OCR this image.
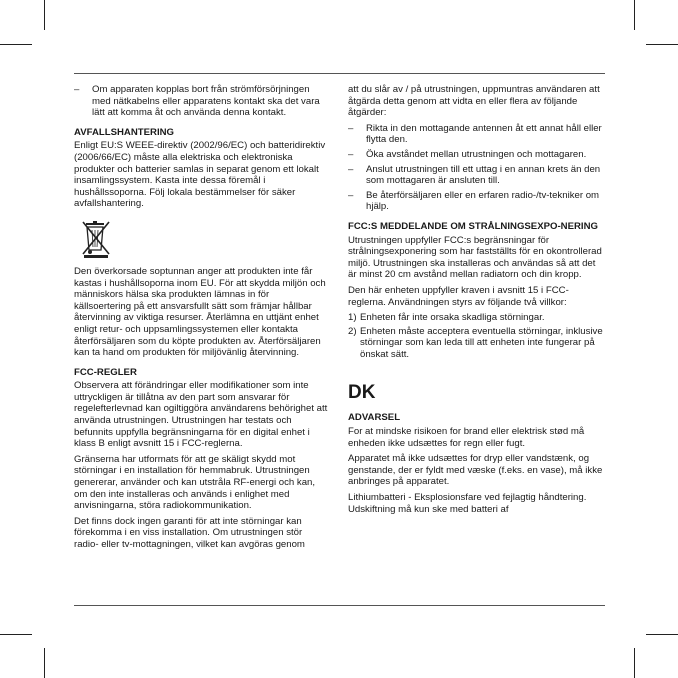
–	Om apparaten kopplas bort från strömförsörjningen med nätkabelns eller apparatens kontakt ska det vara lätt att komma åt och använda denna kontakt.
AVFALLSHANTERING

Enligt EU:S WEEE-direktiv (2002/96/EC) och batteridirektiv (2006/66/EC) måste alla elektriska och elektroniska produkter och batterier samlas in separat genom ett lokalt insamlingssystem. Kasta inte dessa föremål i hushållssoporna. Följ lokala bestämmelser för säker avfallshantering.

Den överkorsade soptunnan anger att produkten inte får kastas i hushållsoporna inom EU. För att skydda miljön och människors hälsa ska produkten lämnas in för källsoertering på ett ansvarsfullt sätt som främjar hållbar återvinning av viktiga resurser. Återlämna en uttjänt enhet enligt retur- och uppsamlingssystemen eller kontakta återförsäljaren som du köpte produkten av. Återförsäljaren kan ta hand om produkten för miljövänlig återvinning.

FCC-REGLER

Observera att förändringar eller modifikationer som inte uttryckligen är tillåtna av den part som ansvarar för regelefterlevnad kan ogiltiggöra användarens behörighet att använda utrustningen. Utrustningen har testats och befunnits uppfylla begränsningarna för en digital enhet i klass B enligt avsnitt 15 i FCC-reglerna.

Gränserna har utformats för att ge skäligt skydd mot störningar i en installation för hemmabruk. Utrustningen genererar, använder och kan utstråla RF-energi och kan, om den inte installeras och används i enlighet med anvisningarna, störa radiokommunikation.

Det finns dock ingen garanti för att inte störningar kan förekomma i en viss installation. Om utrustningen stör radio- eller tv-mottagningen, vilket kan avgöras genom

att du slår av / på utrustningen, uppmuntras användaren att åtgärda detta genom att vidta en eller flera av följande åtgärder:

–	Rikta in den mottagande antennen åt ett annat håll eller flytta den.
–	Öka avståndet mellan utrustningen och mottagaren.
–	Anslut utrustningen till ett uttag i en annan krets än den som mottagaren är ansluten till.
–	Be återförsäljaren eller en erfaren radio-/tv-tekniker om hjälp.
FCC:S MEDDELANDE OM STRÅLNINGSEXPO-NERING

Utrustningen uppfyller FCC:s begränsningar för strålningsexponering som har fastställts för en okontrollerad miljö. Utrustningen ska installeras och användas så att det är minst 20 cm avstånd mellan radiatorn och din kropp.

Den här enheten uppfyller kraven i avsnitt 15 i FCC-reglerna. Användningen styrs av följande två villkor:

1) Enheten får inte orsaka skadliga störningar.
2) Enheten måste acceptera eventuella störningar, inklusive störningar som kan leda till att enheten inte fungerar på önskat sätt.
DK
ADVARSEL

For at mindske risikoen for brand eller elektrisk stød må enheden ikke udsættes for regn eller fugt.

Apparatet må ikke udsættes for dryp eller vandstænk, og genstande, der er fyldt med væske (f.eks. en vase), må ikke anbringes på apparatet.

Lithiumbatteri - Eksplosionsfare ved fejlagtig håndtering. Udskiftning må kun ske med batteri af
